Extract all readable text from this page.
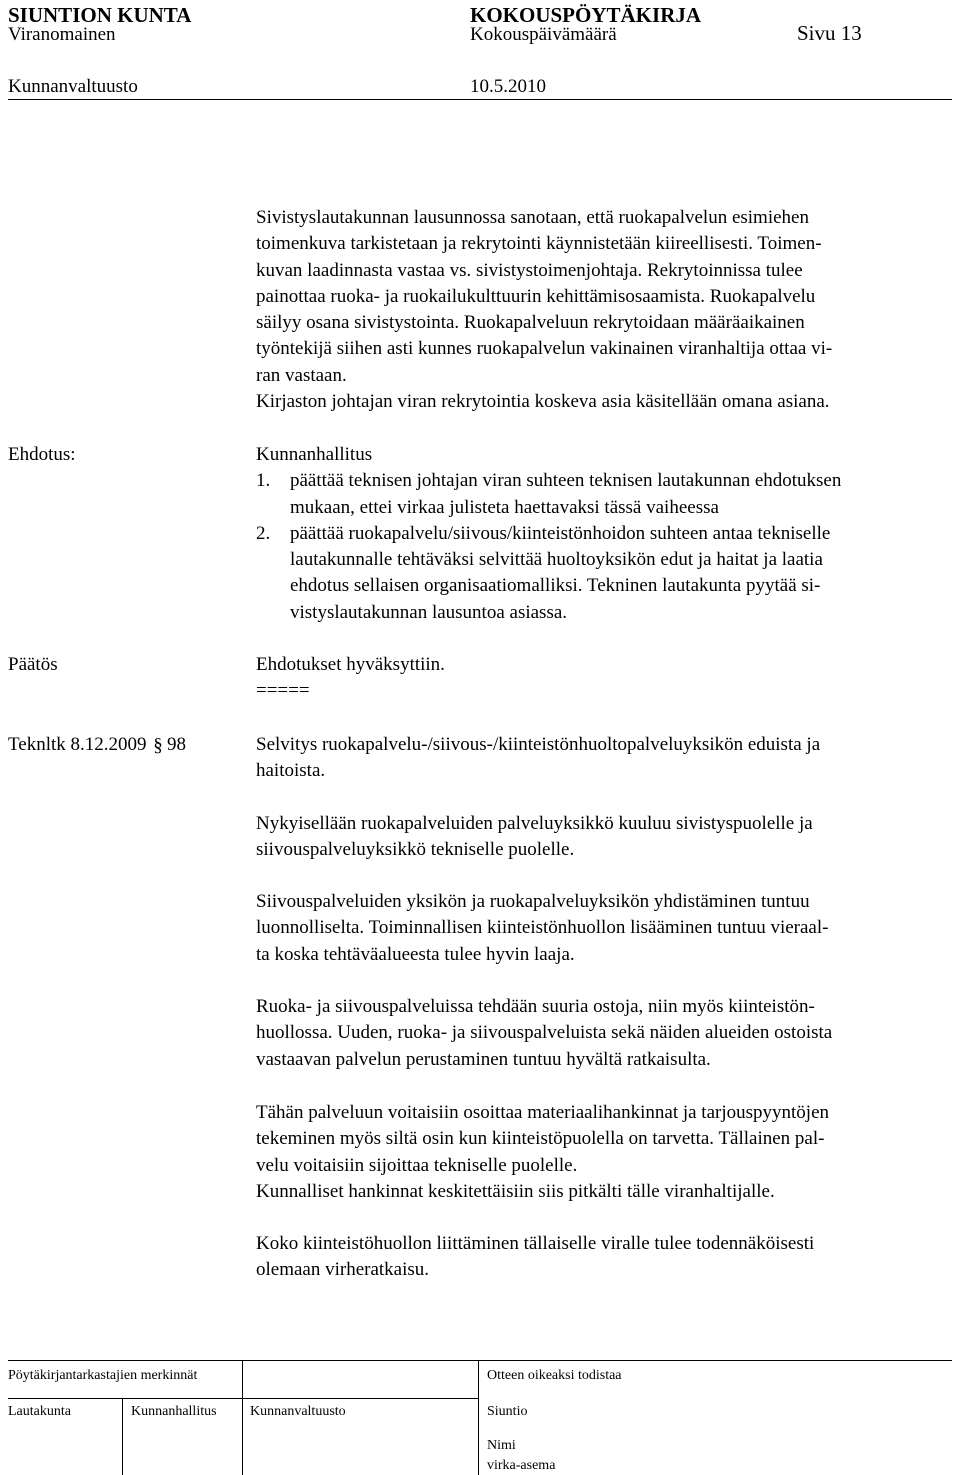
SIUNTION KUNTA	KOKOUSPÖYTÄKIRJA
Viranomainen	Kokouspäivämäärä	Sivu 13
Kunnanvaltuusto	10.5.2010

Sivistyslautakunnan lausunnossa sanotaan, että ruokapalvelun esimiehen

toimenkuva tarkistetaan ja rekrytointi käynnistetään kiireellisesti. Toimen-

kuvan laadinnasta vastaa vs. sivistystoimenjohtaja. Rekrytoinnissa tulee

painottaa ruoka- ja ruokailukulttuurin kehittämisosaamista. Ruokapalvelu

säilyy osana sivistystointa. Ruokapalveluun rekrytoidaan määräaikainen

työntekijä siihen asti kunnes ruokapalvelun vakinainen viranhaltija ottaa vi-

ran vastaan.

Kirjaston johtajan viran rekrytointia koskeva asia käsitellään omana asiana.

Ehdotus:	Kunnanhallitus

1. päättää teknisen johtajan viran suhteen teknisen lautakunnan ehdotuksen

mukaan, ettei virkaa julisteta haettavaksi tässä vaiheessa

2. päättää ruokapalvelu/siivous/kiinteistönhoidon suhteen antaa tekniselle

lautakunnalle tehtäväksi selvittää huoltoyksikön edut ja haitat ja laatia

ehdotus sellaisen organisaatiomalliksi. Tekninen lautakunta pyytää si-

vistyslautakunnan lausuntoa asiassa.

Päätös	Ehdotukset hyväksyttiin.

=====

Teknltk 8.12.2009 § 98	Selvitys ruokapalvelu-/siivous-/kiinteistönhuoltopalveluyksikön eduista ja

haitoista.

Nykyisellään ruokapalveluiden palveluyksikkö kuuluu sivistyspuolelle ja

siivouspalveluyksikkö tekniselle puolelle.

Siivouspalveluiden yksikön ja ruokapalveluyksikön yhdistäminen tuntuu

luonnolliselta. Toiminnallisen kiinteistönhuollon lisääminen tuntuu vieraal-

ta koska tehtäväalueesta tulee hyvin laaja.

Ruoka- ja siivouspalveluissa tehdään suuria ostoja, niin myös kiinteistön-

huollossa. Uuden, ruoka- ja siivouspalveluista sekä näiden alueiden ostoista

vastaavan palvelun perustaminen tuntuu hyvältä ratkaisulta.

Tähän palveluun voitaisiin osoittaa materiaalihankinnat ja tarjouspyyntöjen

tekeminen myös siltä osin kun kiinteistöpuolella on tarvetta. Tällainen pal-

velu voitaisiin sijoittaa tekniselle puolelle.

Kunnalliset hankinnat keskitettäisiin siis pitkälti tälle viranhaltijalle.

Koko kiinteistöhuollon liittäminen tällaiselle viralle tulee todennäköisesti

olemaan virheratkaisu.

Pöytäkirjantarkastajien merkinnät	Otteen oikeaksi todistaa
Lautakunta	Kunnanhallitus Kunnanvaltuusto	Siuntio
Nimi
virka-asema
